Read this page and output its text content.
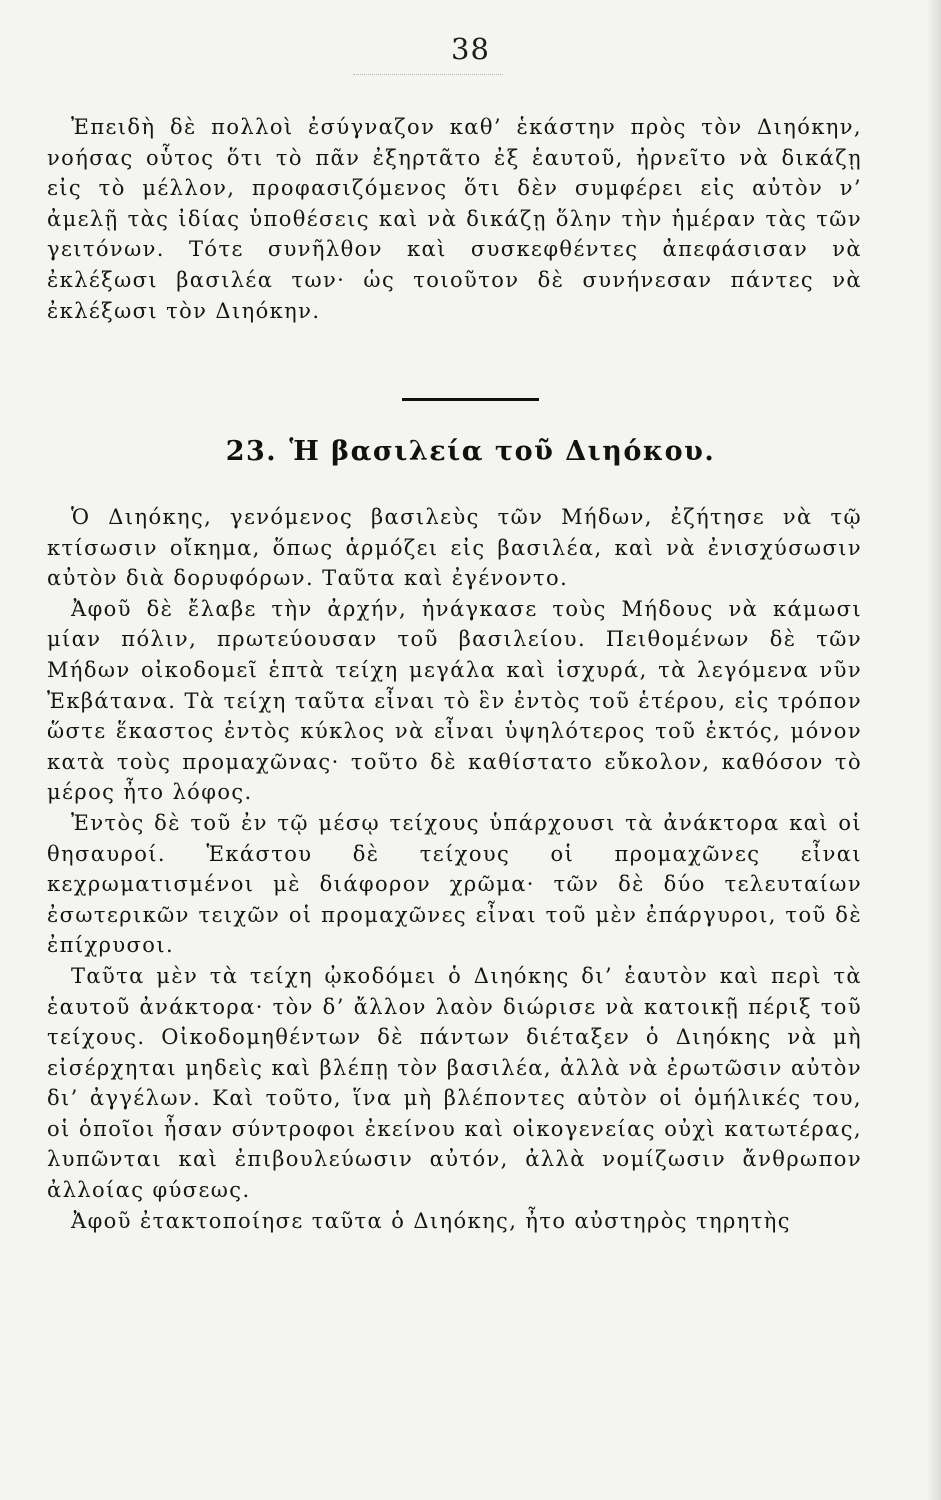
38

Ἐπειδὴ δὲ πολλοὶ ἐσύγναζον καθ’ ἑκάστην πρὸς τὸν Διηόκην, νοήσας οὗτος ὅτι τὸ πᾶν ἐξηρτᾶτο ἐξ ἑαυτοῦ, ἠρνεῖτο νὰ δικάζῃ εἰς τὸ μέλλον, προφασιζόμενος ὅτι δὲν συμφέρει εἰς αὐτὸν ν’ ἀμελῇ τὰς ἰδίας ὑποθέσεις καὶ νὰ δικάζῃ ὅλην τὴν ἡμέραν τὰς τῶν γειτόνων. Τότε συνῆλθον καὶ συσκεφθέντες ἀπεφάσισαν νὰ ἐκλέξωσι βασιλέα των· ὡς τοιοῦτον δὲ συνήνεσαν πάντες νὰ ἐκλέξωσι τὸν Διηόκην.

23. Ἡ βασιλεία τοῦ Διηόκου.

Ὁ Διηόκης, γενόμενος βασιλεὺς τῶν Μήδων, ἐζήτησε νὰ τῷ κτίσωσιν οἴκημα, ὅπως ἁρμόζει εἰς βασιλέα, καὶ νὰ ἐνισχύσωσιν αὐτὸν διὰ δορυφόρων. Ταῦτα καὶ ἐγένοντο.

Ἀφοῦ δὲ ἔλαβε τὴν ἀρχήν, ἠνάγκασε τοὺς Μήδους νὰ κάμωσι μίαν πόλιν, πρωτεύουσαν τοῦ βασιλείου. Πειθομένων δὲ τῶν Μήδων οἰκοδομεῖ ἑπτὰ τείχη μεγάλα καὶ ἰσχυρά, τὰ λεγόμενα νῦν Ἐκβάτανα. Τὰ τείχη ταῦτα εἶναι τὸ ἓν ἐντὸς τοῦ ἑτέρου, εἰς τρόπον ὥστε ἕκαστος ἐντὸς κύκλος νὰ εἶναι ὑψηλότερος τοῦ ἐκτός, μόνον κατὰ τοὺς προμαχῶνας· τοῦτο δὲ καθίστατο εὔκολον, καθόσον τὸ μέρος ἦτο λόφος.

Ἐντὸς δὲ τοῦ ἐν τῷ μέσῳ τείχους ὑπάρχουσι τὰ ἀνάκτορα καὶ οἱ θησαυροί. Ἑκάστου δὲ τείχους οἱ προμαχῶνες εἶναι κεχρωματισμένοι μὲ διάφορον χρῶμα· τῶν δὲ δύο τελευταίων ἐσωτερικῶν τειχῶν οἱ προμαχῶνες εἶναι τοῦ μὲν ἐπάργυροι, τοῦ δὲ ἐπίχρυσοι.

Ταῦτα μὲν τὰ τείχη ᾠκοδόμει ὁ Διηόκης δι’ ἑαυτὸν καὶ περὶ τὰ ἑαυτοῦ ἀνάκτορα· τὸν δ’ ἄλλον λαὸν διώρισε νὰ κατοικῇ πέριξ τοῦ τείχους. Οἰκοδομηθέντων δὲ πάντων διέταξεν ὁ Διηόκης νὰ μὴ εἰσέρχηται μηδεὶς καὶ βλέπῃ τὸν βασιλέα, ἀλλὰ νὰ ἐρωτῶσιν αὐτὸν δι’ ἀγγέλων. Καὶ τοῦτο, ἵνα μὴ βλέποντες αὐτὸν οἱ ὁμήλικές του, οἱ ὁποῖοι ἦσαν σύντροφοι ἐκείνου καὶ οἰκογενείας οὐχὶ κατωτέρας, λυπῶνται καὶ ἐπιβουλεύωσιν αὐτόν, ἀλλὰ νομίζωσιν ἄνθρωπον ἀλλοίας φύσεως.

Ἀφοῦ ἐτακτοποίησε ταῦτα ὁ Διηόκης, ἦτο αὐστηρὸς τηρητὴς
